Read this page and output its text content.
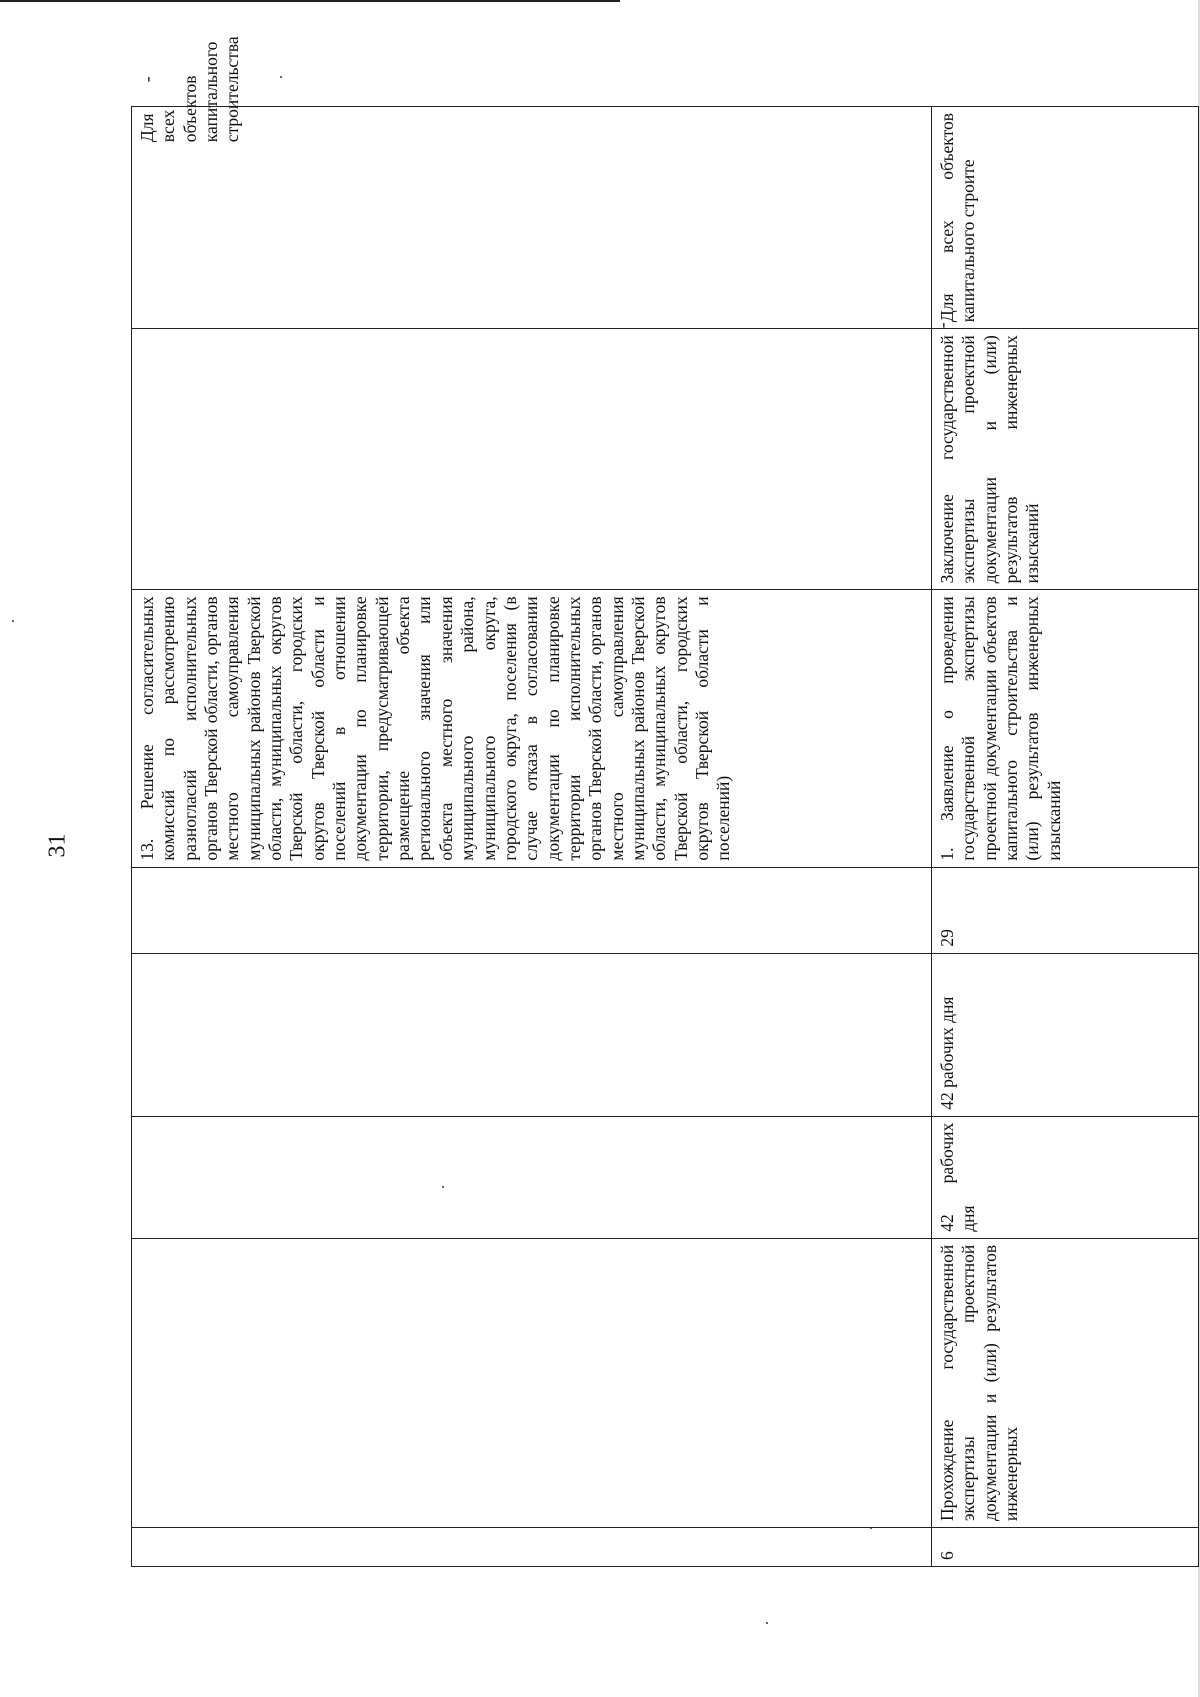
31
						13. Решение согласительных комиссий по рассмотрению разногласий исполнительных органов Тверской области, органов местного самоуправления муниципальных районов Тверской области, муниципальных округов Тверской области, городских округов Тверской области и поселений в отношении документации по планировке территории, предусматривающей размещение объекта регионального значения или объекта местного значения муниципального района, муниципального округа, городского округа, поселения (в случае отказа в согласовании документации по планировке территории исполнительных органов Тверской области, органов местного самоуправления муниципальных районов Тверской области, муниципальных округов Тверской области, городских округов Тверской области и поселений)		Для всех объектов капитального строительства
-

6	Прохождение государственной экспертизы проектной документации и (или) результатов инженерных	42 рабочих дня	42 рабочих дня	29	1. Заявление о проведении государственной экспертизы проектной документации объектов капитального строительства и (или) результатов инженерных изысканий	Заключение государственной экспертизы проектной документации и (или) результатов инженерных изысканий		Для всех объектов капитального строите
-
